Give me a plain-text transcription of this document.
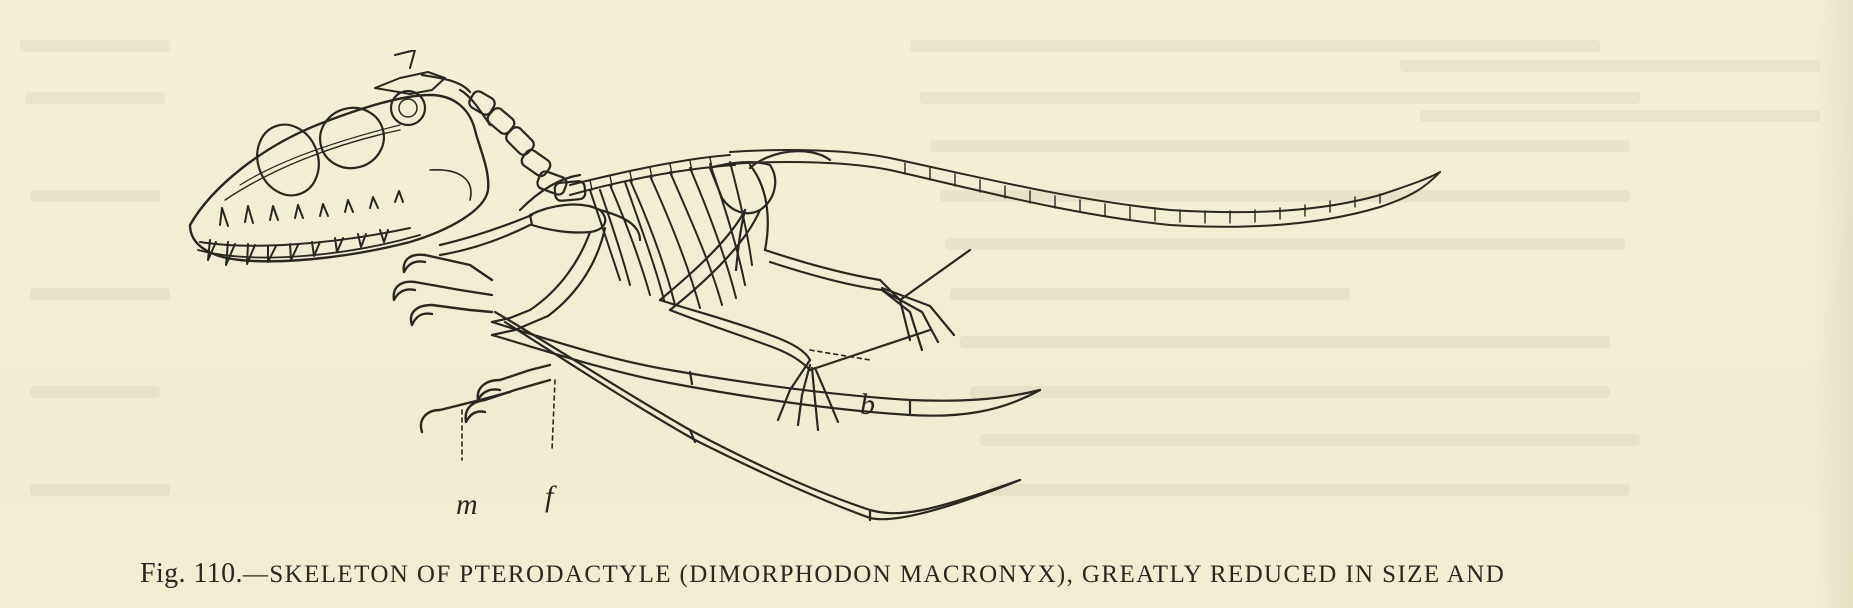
b
m f
Fig. 110.—SKELETON OF PTERODACTYLE (DIMORPHODON MACRONYX), GREATLY REDUCED IN SIZE AND
